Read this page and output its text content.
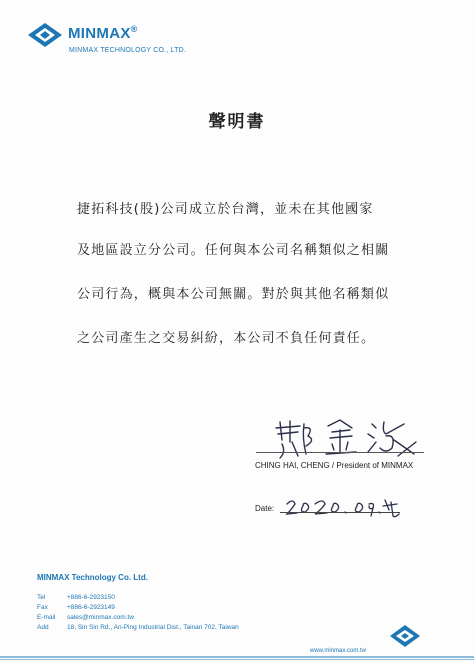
MINMAX®
MINMAX TECHNOLOGY CO., LTD.
聲明書
捷拓科技(股)公司成立於台灣，並未在其他國家
及地區設立分公司。任何與本公司名稱類似之相關
公司行為，概與本公司無關。對於與其他名稱類似
之公司產生之交易糾紛，本公司不負任何責任。
CHING HAI, CHENG / President of MINMAX
Date:
MINMAX Technology Co. Ltd.
Tel	+886-6-2923150
Fax	+886-6-2923149
E-mail sales@minmax.com.tw
Add	18, Sin Sin Rd., An-Ping Industrial Dist., Tainan 702, Taiwan
www.minmax.com.tw
